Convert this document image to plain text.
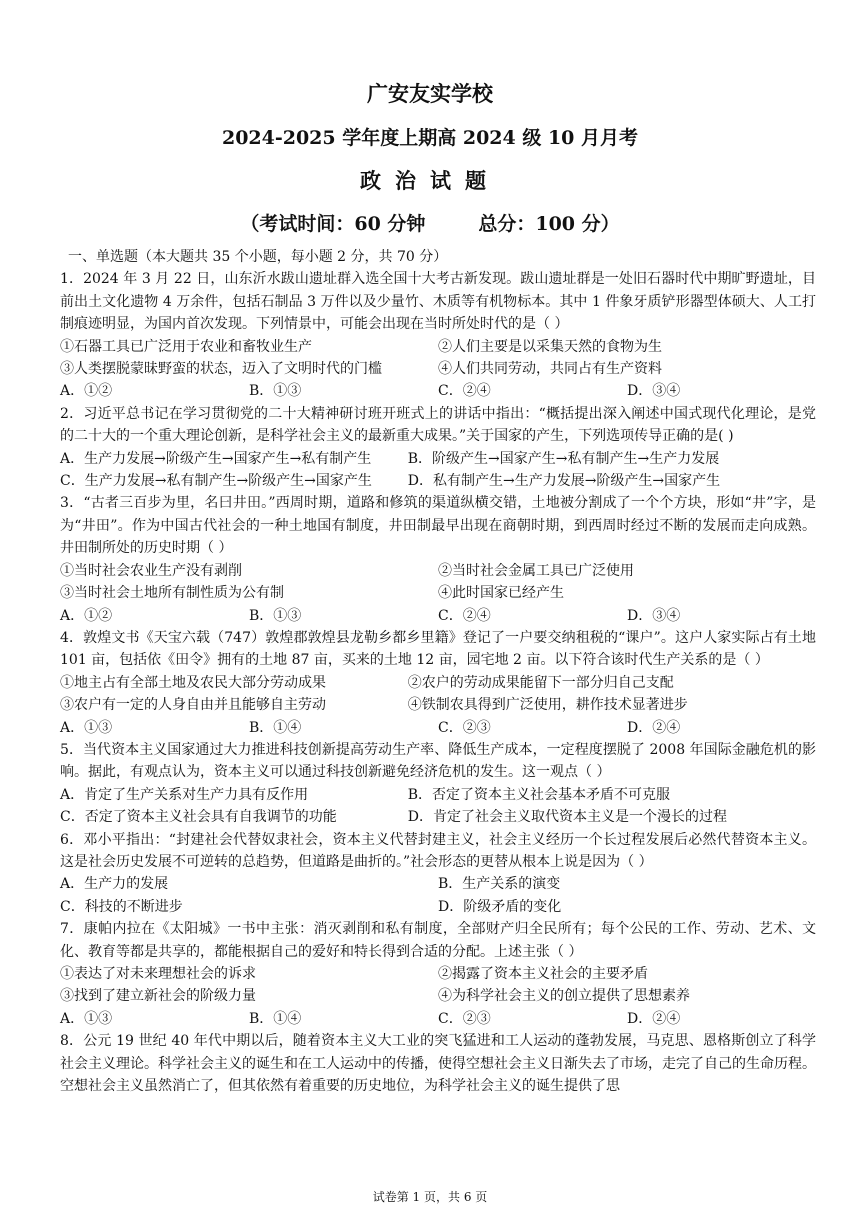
广安友实学校
2024-2025 学年度上期高 2024 级 10 月月考
政治试题
（考试时间：60 分钟        总分：100 分）
一、单选题（本大题共 35 个小题，每小题 2 分，共 70 分）
1．2024 年 3 月 22 日，山东沂水跋山遗址群入选全国十大考古新发现。跋山遗址群是一处旧石器时代中期旷野遗址，目前出土文化遗物 4 万余件，包括石制品 3 万件以及少量竹、木质等有机物标本。其中 1 件象牙质铲形器型体硕大、人工打制痕迹明显，为国内首次发现。下列情景中，可能会出现在当时所处时代的是（ ）
①石器工具已广泛用于农业和畜牧业生产	②人们主要是以采集天然的食物为生
③人类摆脱蒙昧野蛮的状态，迈入了文明时代的门槛	④人们共同劳动，共同占有生产资料
A．①②	B．①③	C．②④	D．③④
2．习近平总书记在学习贯彻党的二十大精神研讨班开班式上的讲话中指出：“概括提出深入阐述中国式现代化理论，是党的二十大的一个重大理论创新，是科学社会主义的最新重大成果。”关于国家的产生，下列选项传导正确的是( )
A．生产力发展→阶级产生→国家产生→私有制产生	B．阶级产生→国家产生→私有制产生→生产力发展
C．生产力发展→私有制产生→阶级产生→国家产生	D．私有制产生→生产力发展→阶级产生→国家产生
3．“古者三百步为里，名曰井田。”西周时期，道路和修筑的渠道纵横交错，土地被分割成了一个个方块，形如“井”字，是为“井田”。作为中国古代社会的一种土地国有制度，井田制最早出现在商朝时期，到西周时经过不断的发展而走向成熟。井田制所处的历史时期（ ）
①当时社会农业生产没有剥削	②当时社会金属工具已广泛使用
③当时社会土地所有制性质为公有制	④此时国家已经产生
A．①②	B．①③	C．②④	D．③④
4．敦煌文书《天宝六载（747）敦煌郡敦煌县龙勒乡都乡里籍》登记了一户要交纳租税的“课户”。这户人家实际占有土地 101 亩，包括依《田令》拥有的土地 87 亩，买来的土地 12 亩，园宅地 2 亩。以下符合该时代生产关系的是（ ）
①地主占有全部土地及农民大部分劳动成果	②农户的劳动成果能留下一部分归自己支配
③农户有一定的人身自由并且能够自主劳动	④铁制农具得到广泛使用，耕作技术显著进步
A．①③	B．①④	C．②③	D．②④
5．当代资本主义国家通过大力推进科技创新提高劳动生产率、降低生产成本，一定程度摆脱了 2008 年国际金融危机的影响。据此，有观点认为，资本主义可以通过科技创新避免经济危机的发生。这一观点（ ）
A．肯定了生产关系对生产力具有反作用	B．否定了资本主义社会基本矛盾不可克服
C．否定了资本主义社会具有自我调节的功能	D．肯定了社会主义取代资本主义是一个漫长的过程
6．邓小平指出：“封建社会代替奴隶社会，资本主义代替封建主义，社会主义经历一个长过程发展后必然代替资本主义。这是社会历史发展不可逆转的总趋势，但道路是曲折的。”社会形态的更替从根本上说是因为（ ）
A．生产力的发展	B．生产关系的演变
C．科技的不断进步	D．阶级矛盾的变化
7．康帕内拉在《太阳城》一书中主张：消灭剥削和私有制度，全部财产归全民所有；每个公民的工作、劳动、艺术、文化、教育等都是共享的，都能根据自己的爱好和特长得到合适的分配。上述主张（ ）
①表达了对未来理想社会的诉求	②揭露了资本主义社会的主要矛盾
③找到了建立新社会的阶级力量	④为科学社会主义的创立提供了思想素养
A．①③	B．①④	C．②③	D．②④
8．公元 19 世纪 40 年代中期以后，随着资本主义大工业的突飞猛进和工人运动的蓬勃发展，马克思、恩格斯创立了科学社会主义理论。科学社会主义的诞生和在工人运动中的传播，使得空想社会主义日渐失去了市场，走完了自己的生命历程。空想社会主义虽然消亡了，但其依然有着重要的历史地位，为科学社会主义的诞生提供了思
试卷第 1 页，共 6 页
